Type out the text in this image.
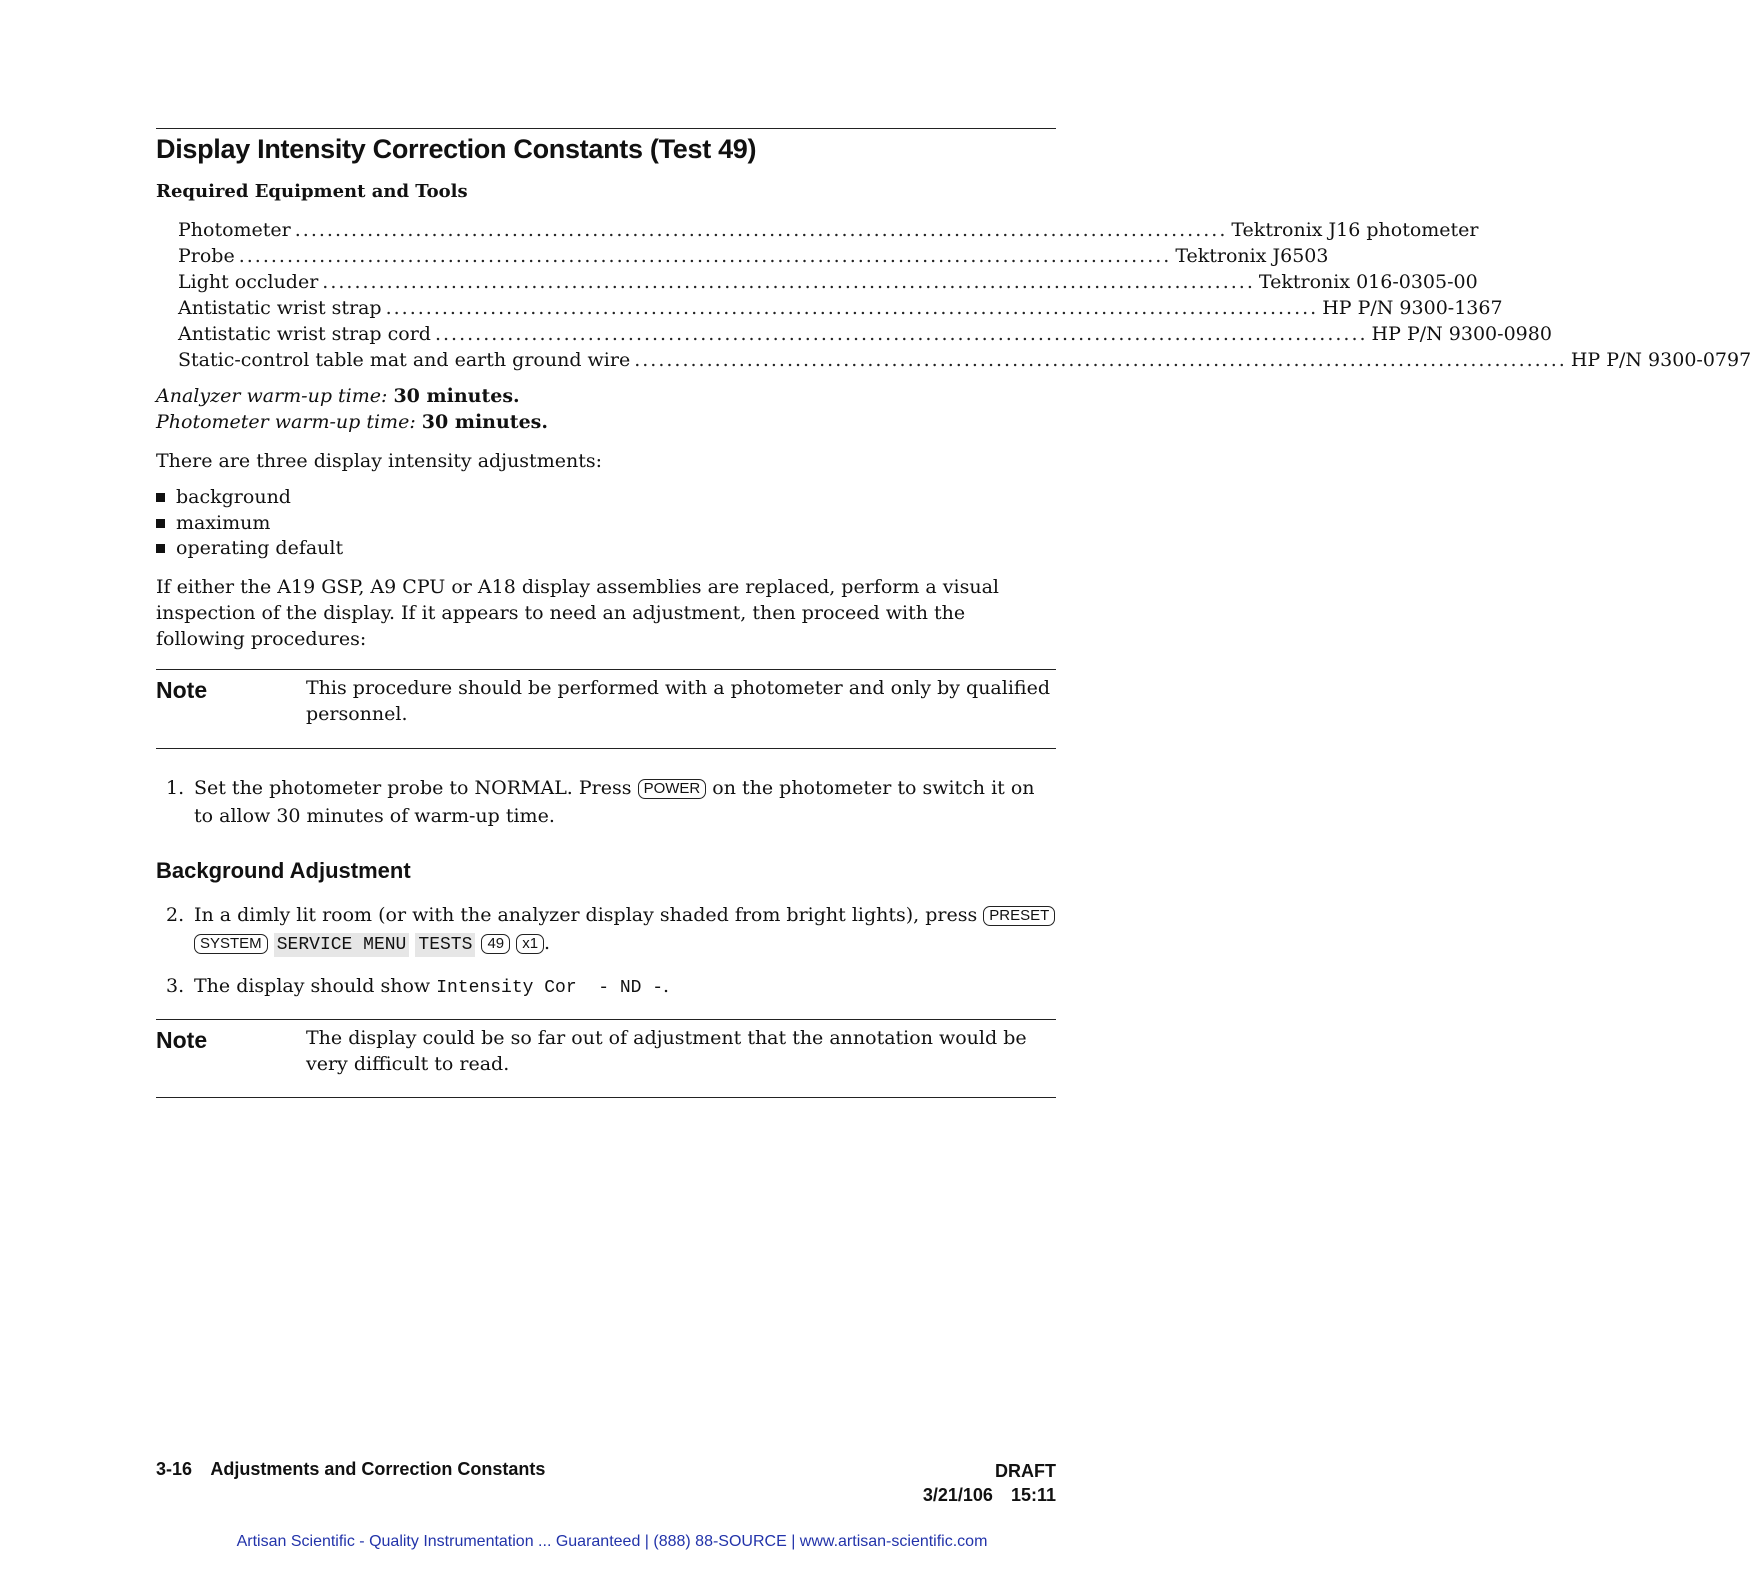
Display Intensity Correction Constants (Test 49)
Required Equipment and Tools
Photometer .................................................................................................................... Tektronix J16 photometer
Probe .................................................................................................................... Tektronix J6503
Light occluder .................................................................................................................... Tektronix 016-0305-00
Antistatic wrist strap .................................................................................................................... HP P/N 9300-1367
Antistatic wrist strap cord .................................................................................................................... HP P/N 9300-0980
Static-control table mat and earth ground wire .................................................................................................................... HP P/N 9300-0797
Analyzer warm-up time: 30 minutes.
Photometer warm-up time: 30 minutes.
There are three display intensity adjustments:
background
maximum
operating default
If either the A19 GSP, A9 CPU or A18 display assemblies are replaced, perform a visual inspection of the display. If it appears to need an adjustment, then proceed with the following procedures:
Note	This procedure should be performed with a photometer and only by qualified personnel.
1. Set the photometer probe to NORMAL. Press POWER on the photometer to switch it on to allow 30 minutes of warm-up time.
Background Adjustment
2. In a dimly lit room (or with the analyzer display shaded from bright lights), press PRESET
SYSTEM SERVICE MENU TESTS 49 x1 .
3. The display should show Intensity Cor  - ND -.
Note	The display could be so far out of adjustment that the annotation would be very difficult to read.
3-16 Adjustments and Correction Constants	DRAFT
3/21/106 15:11
Artisan Scientific - Quality Instrumentation ... Guaranteed | (888) 88-SOURCE | www.artisan-scientific.com
